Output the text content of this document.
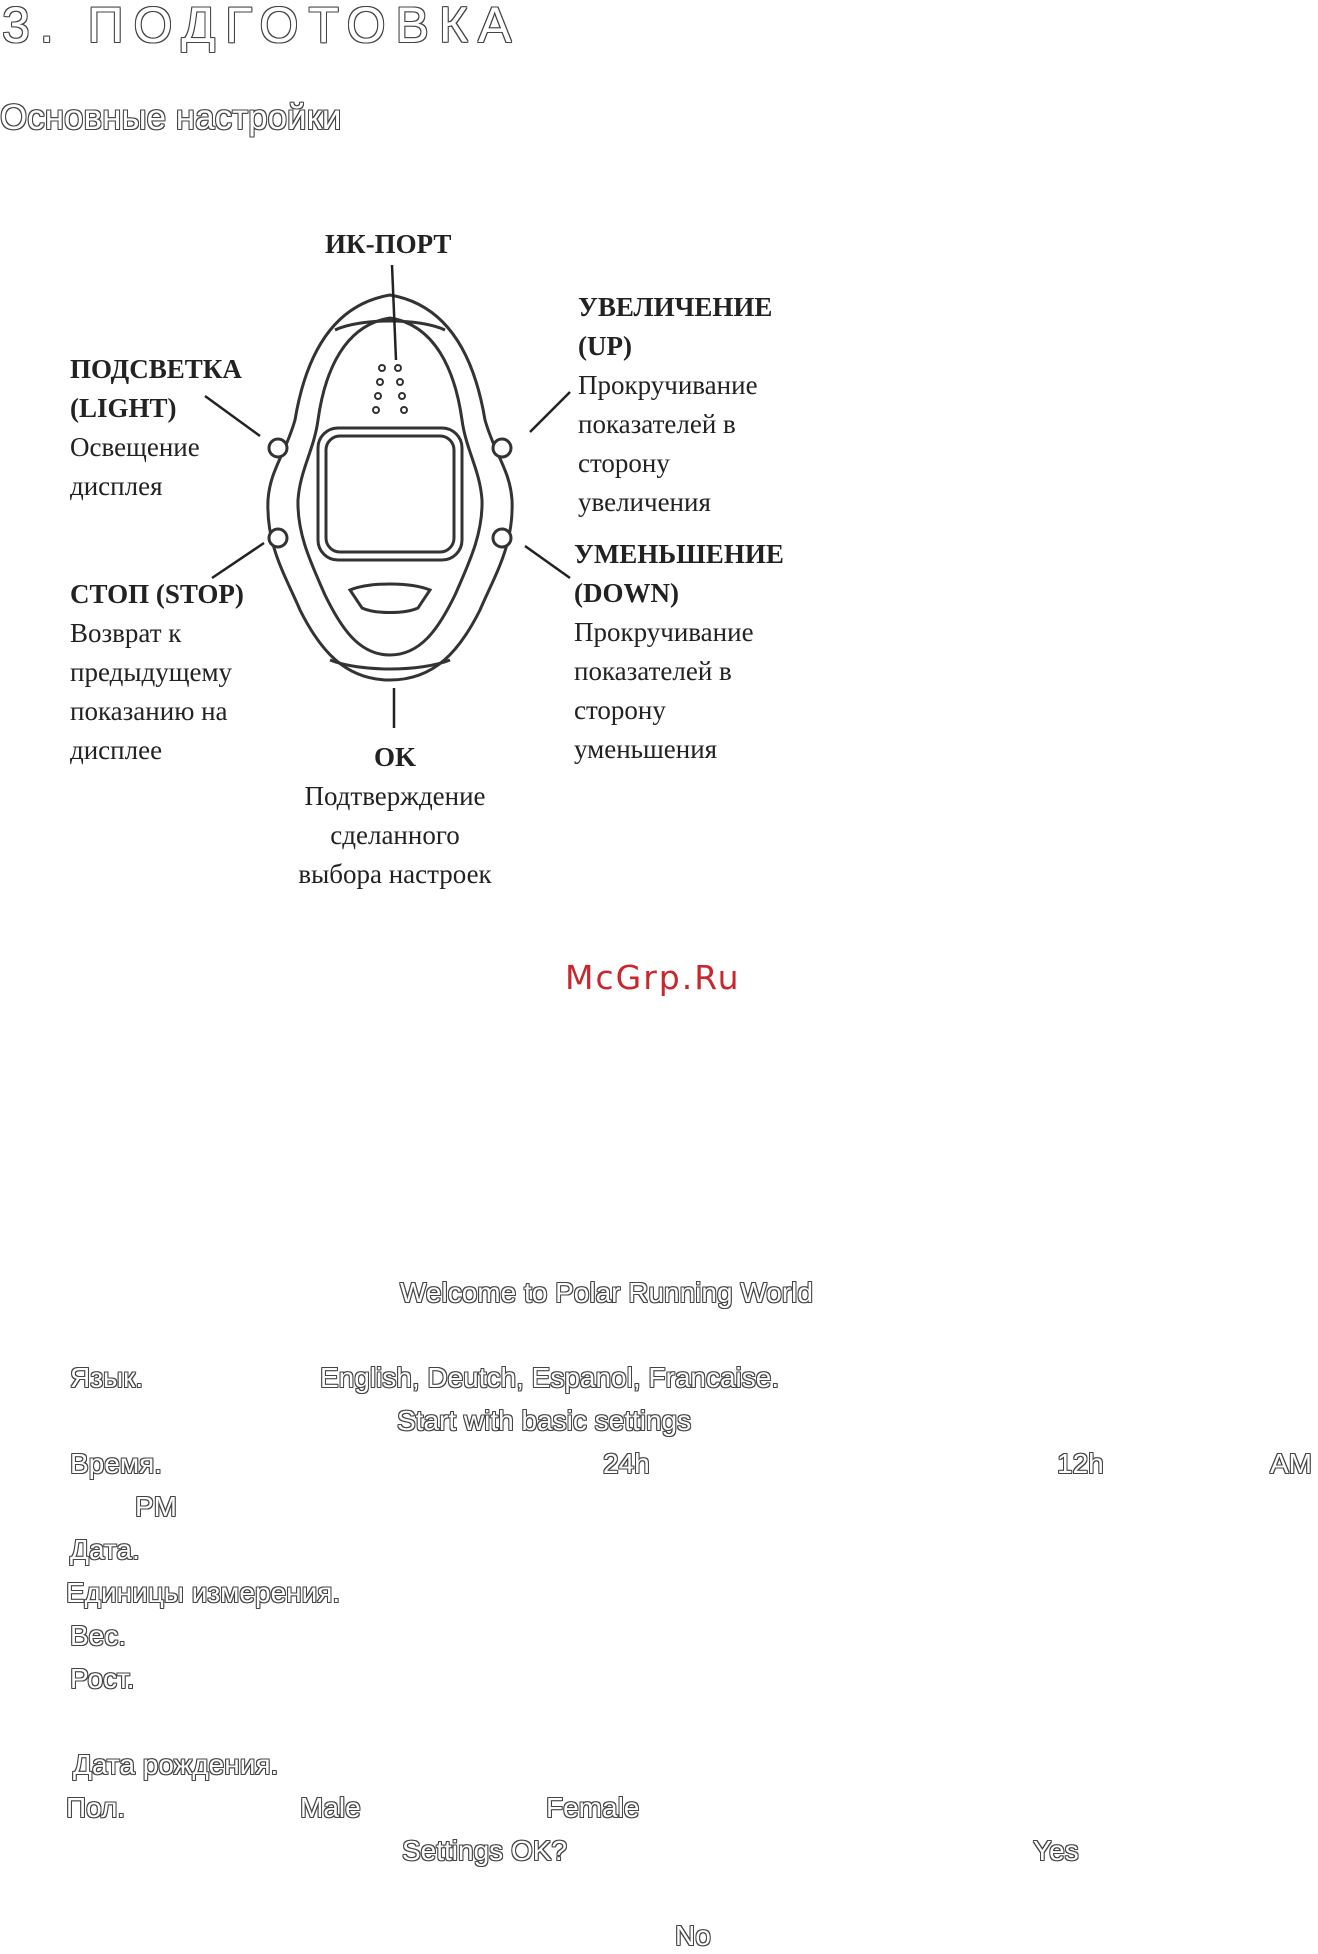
3. ПОДГОТОВКА
Основные настройки
ИК-ПОРТ
ПОДСВЕТКА
(LIGHT)
Освещение
дисплея
СТОП (STOP)
Возврат к
предыдущему
показанию на
дисплее
УВЕЛИЧЕНИЕ
(UP)
Прокручивание
показателей в
сторону
увеличения
УМЕНЬШЕНИЕ
(DOWN)
Прокручивание
показателей в
сторону
уменьшения
OK
Подтверждение
сделанного
выбора настроек
McGrp.Ru
Welcome to Polar Running World
Язык.	English, Deutch, Espanol, Francaise.
Start with basic settings
Время.	24h	12h	AM
PM
Дата.
Единицы измерения.
Вес.
Рост.
Дата рождения.
Пол.	Male	Female
Settings OK?	Yes
No
